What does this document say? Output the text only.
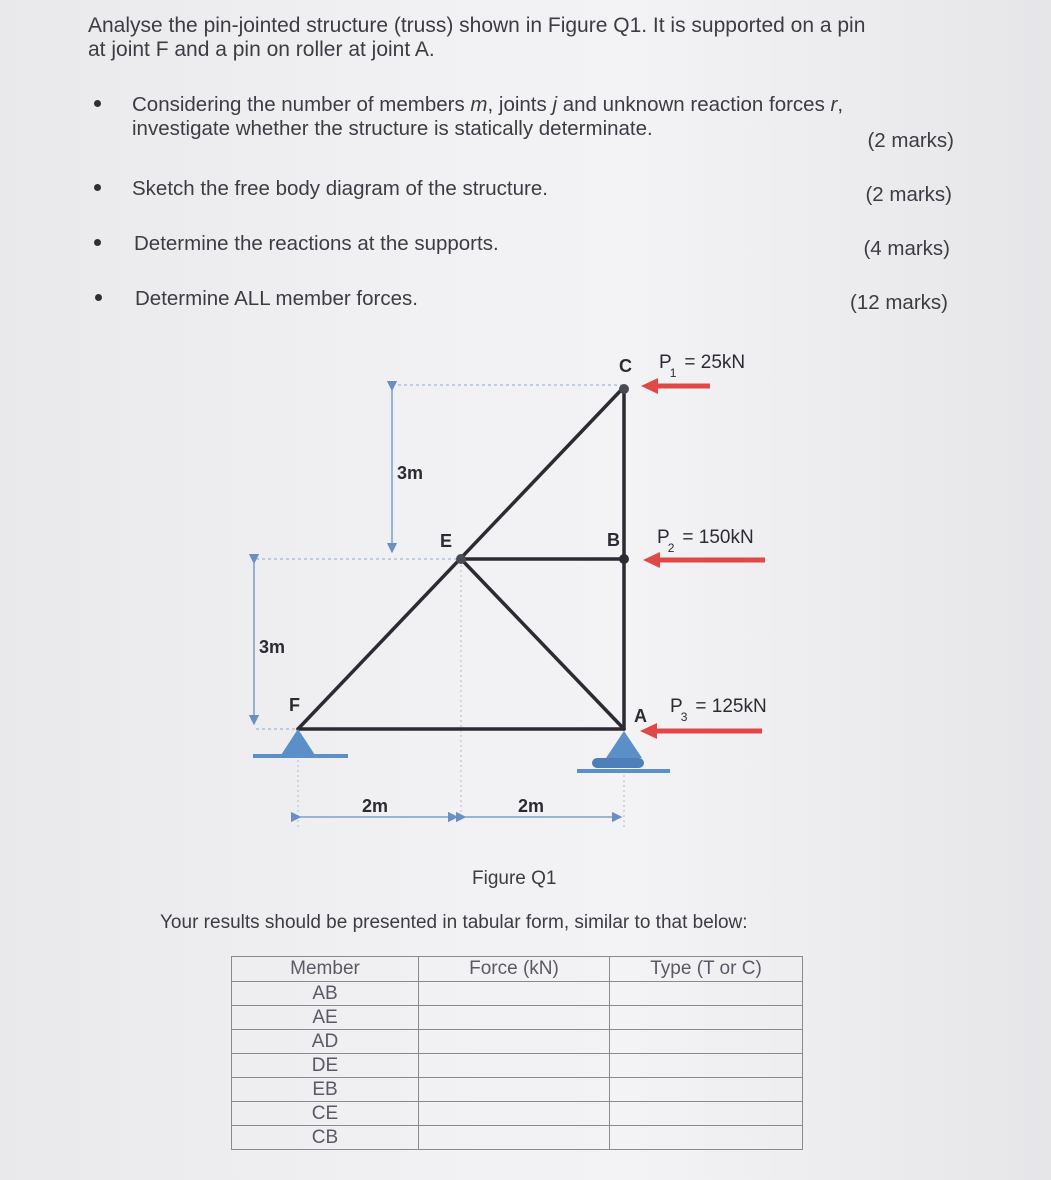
Analyse the pin-jointed structure (truss) shown in Figure Q1. It is supported on a pin
at joint F and a pin on roller at joint A.
Considering the number of members m, joints j and unknown reaction forces r,
investigate whether the structure is statically determinate.
(2 marks)
Sketch the free body diagram of the structure.	(2 marks)
Determine the reactions at the supports.	(4 marks)
Determine ALL member forces.	(12 marks)
C
E	B
F
A
P1 = 25kN
P2 = 150kN
P3 = 125kN
3m
3m
2m	2m
Figure Q1
Your results should be presented in tabular form, similar to that below:
Member	Force (kN)	Type (T or C)
AB		
AE		
AD		
DE		
EB		
CE		
CB		
